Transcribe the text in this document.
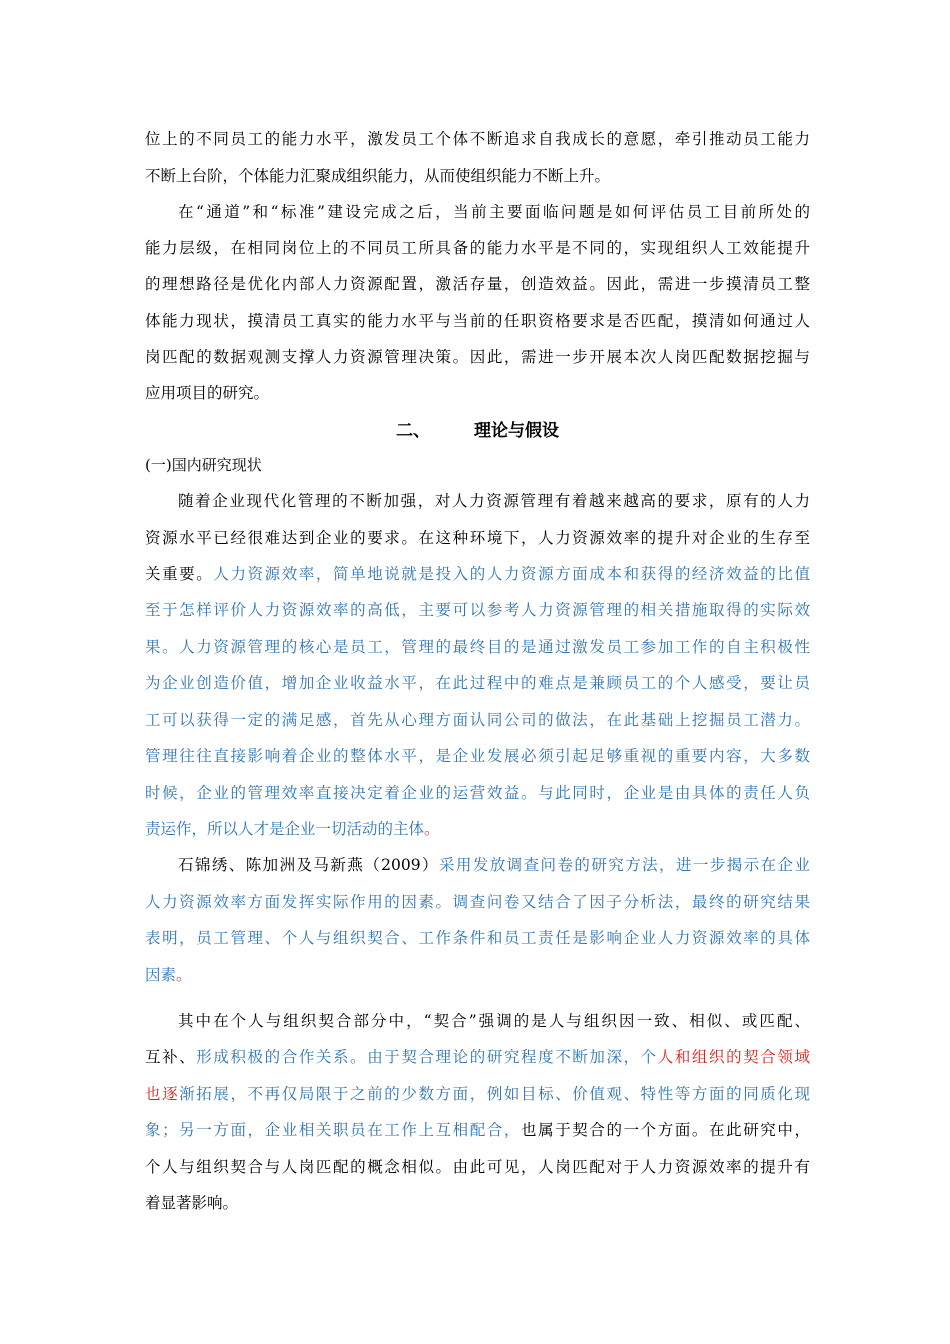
位上的不同员工的能力水平，激发员工个体不断追求自我成长的意愿，牵引推动员工能力
不断上台阶，个体能力汇聚成组织能力，从而使组织能力不断上升。
在“通道”和“标准”建设完成之后，当前主要面临问题是如何评估员工目前所处的
能力层级，在相同岗位上的不同员工所具备的能力水平是不同的，实现组织人工效能提升
的理想路径是优化内部人力资源配置，激活存量，创造效益。因此，需进一步摸清员工整
体能力现状，摸清员工真实的能力水平与当前的任职资格要求是否匹配，摸清如何通过人
岗匹配的数据观测支撑人力资源管理决策。因此，需进一步开展本次人岗匹配数据挖掘与
应用项目的研究。
二、	理论与假设
(一)国内研究现状
随着企业现代化管理的不断加强，对人力资源管理有着越来越高的要求，原有的人力
资源水平已经很难达到企业的要求。在这种环境下，人力资源效率的提升对企业的生存至
关重要。人力资源效率，简单地说就是投入的人力资源方面成本和获得的经济效益的比值
至于怎样评价人力资源效率的高低，主要可以参考人力资源管理的相关措施取得的实际效
果。人力资源管理的核心是员工，管理的最终目的是通过激发员工参加工作的自主积极性
为企业创造价值，增加企业收益水平，在此过程中的难点是兼顾员工的个人感受，要让员
工可以获得一定的满足感，首先从心理方面认同公司的做法，在此基础上挖掘员工潜力。
管理往往直接影响着企业的整体水平，是企业发展必须引起足够重视的重要内容，大多数
时候，企业的管理效率直接决定着企业的运营效益。与此同时，企业是由具体的责任人负
责运作，所以人才是企业一切活动的主体。
石锦绣、陈加洲及马新燕（2009）采用发放调查问卷的研究方法，进一步揭示在企业
人力资源效率方面发挥实际作用的因素。调查问卷又结合了因子分析法，最终的研究结果
表明，员工管理、个人与组织契合、工作条件和员工责任是影响企业人力资源效率的具体
因素。
其中在个人与组织契合部分中，“契合”强调的是人与组织因一致、相似、或匹配、
互补、形成积极的合作关系。由于契合理论的研究程度不断加深，个人和组织的契合领域
也逐渐拓展，不再仅局限于之前的少数方面，例如目标、价值观、特性等方面的同质化现
象；另一方面，企业相关职员在工作上互相配合，也属于契合的一个方面。在此研究中，
个人与组织契合与人岗匹配的概念相似。由此可见，人岗匹配对于人力资源效率的提升有
着显著影响。
